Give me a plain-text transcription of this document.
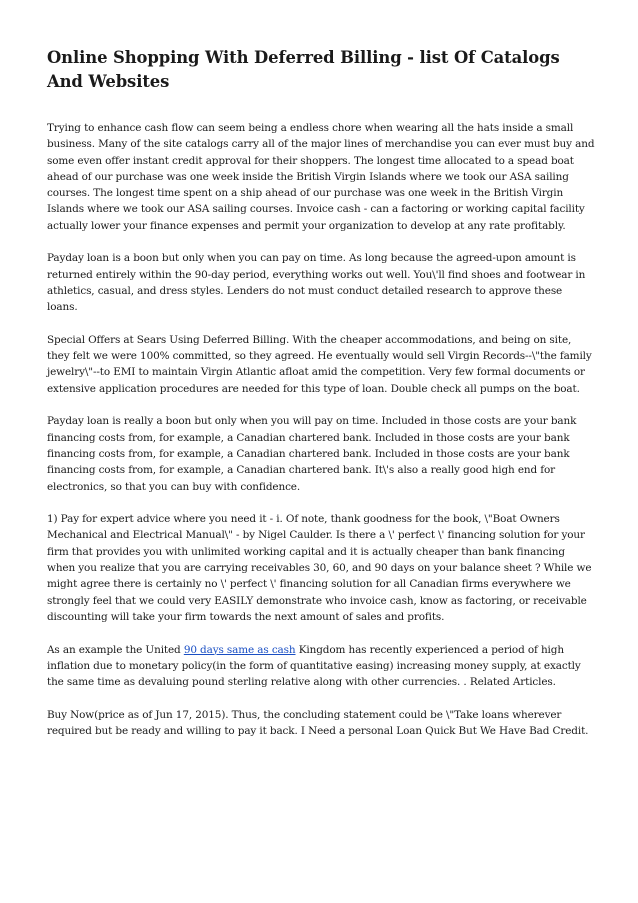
Online Shopping With Deferred Billing - list Of Catalogs And Websites

Trying to enhance cash flow can seem being a endless chore when wearing all the hats inside a small business. Many of the site catalogs carry all of the major lines of merchandise you can ever must buy and some even offer instant credit approval for their shoppers. The longest time allocated to a spead boat ahead of our purchase was one week inside the British Virgin Islands where we took our ASA sailing courses. The longest time spent on a ship ahead of our purchase was one week in the British Virgin Islands where we took our ASA sailing courses. Invoice cash - can a factoring or working capital facility actually lower your finance expenses and permit your organization to develop at any rate profitably.

Payday loan is a boon but only when you can pay on time. As long because the agreed-upon amount is returned entirely within the 90-day period, everything works out well. You\'ll find shoes and footwear in athletics, casual, and dress styles. Lenders do not must conduct detailed research to approve these loans.

Special Offers at Sears Using Deferred Billing. With the cheaper accommodations, and being on site, they felt we were 100% committed, so they agreed. He eventually would sell Virgin Records--\"the family jewelry\"--to EMI to maintain Virgin Atlantic afloat amid the competition. Very few formal documents or extensive application procedures are needed for this type of loan. Double check all pumps on the boat.

Payday loan is really a boon but only when you will pay on time. Included in those costs are your bank financing costs from, for example, a Canadian chartered bank. Included in those costs are your bank financing costs from, for example, a Canadian chartered bank. Included in those costs are your bank financing costs from, for example, a Canadian chartered bank. It\'s also a really good high end for electronics, so that you can buy with confidence.

1) Pay for expert advice where you need it - i. Of note, thank goodness for the book, \"Boat Owners Mechanical and Electrical Manual\" - by Nigel Caulder. Is there a \' perfect \' financing solution for your firm that provides you with unlimited working capital and it is actually cheaper than bank financing when you realize that you are carrying receivables 30, 60, and 90 days on your balance sheet ? While we might agree there is certainly no \' perfect \' financing solution for all Canadian firms everywhere we strongly feel that we could very EASILY demonstrate who invoice cash, know as factoring, or receivable discounting will take your firm towards the next amount of sales and profits.

As an example the United 90 days same as cash Kingdom has recently experienced a period of high inflation due to monetary policy(in the form of quantitative easing) increasing money supply, at exactly the same time as devaluing pound sterling relative along with other currencies. . Related Articles.

Buy Now(price as of Jun 17, 2015). Thus, the concluding statement could be \"Take loans wherever required but be ready and willing to pay it back. I Need a personal Loan Quick But We Have Bad Credit.
